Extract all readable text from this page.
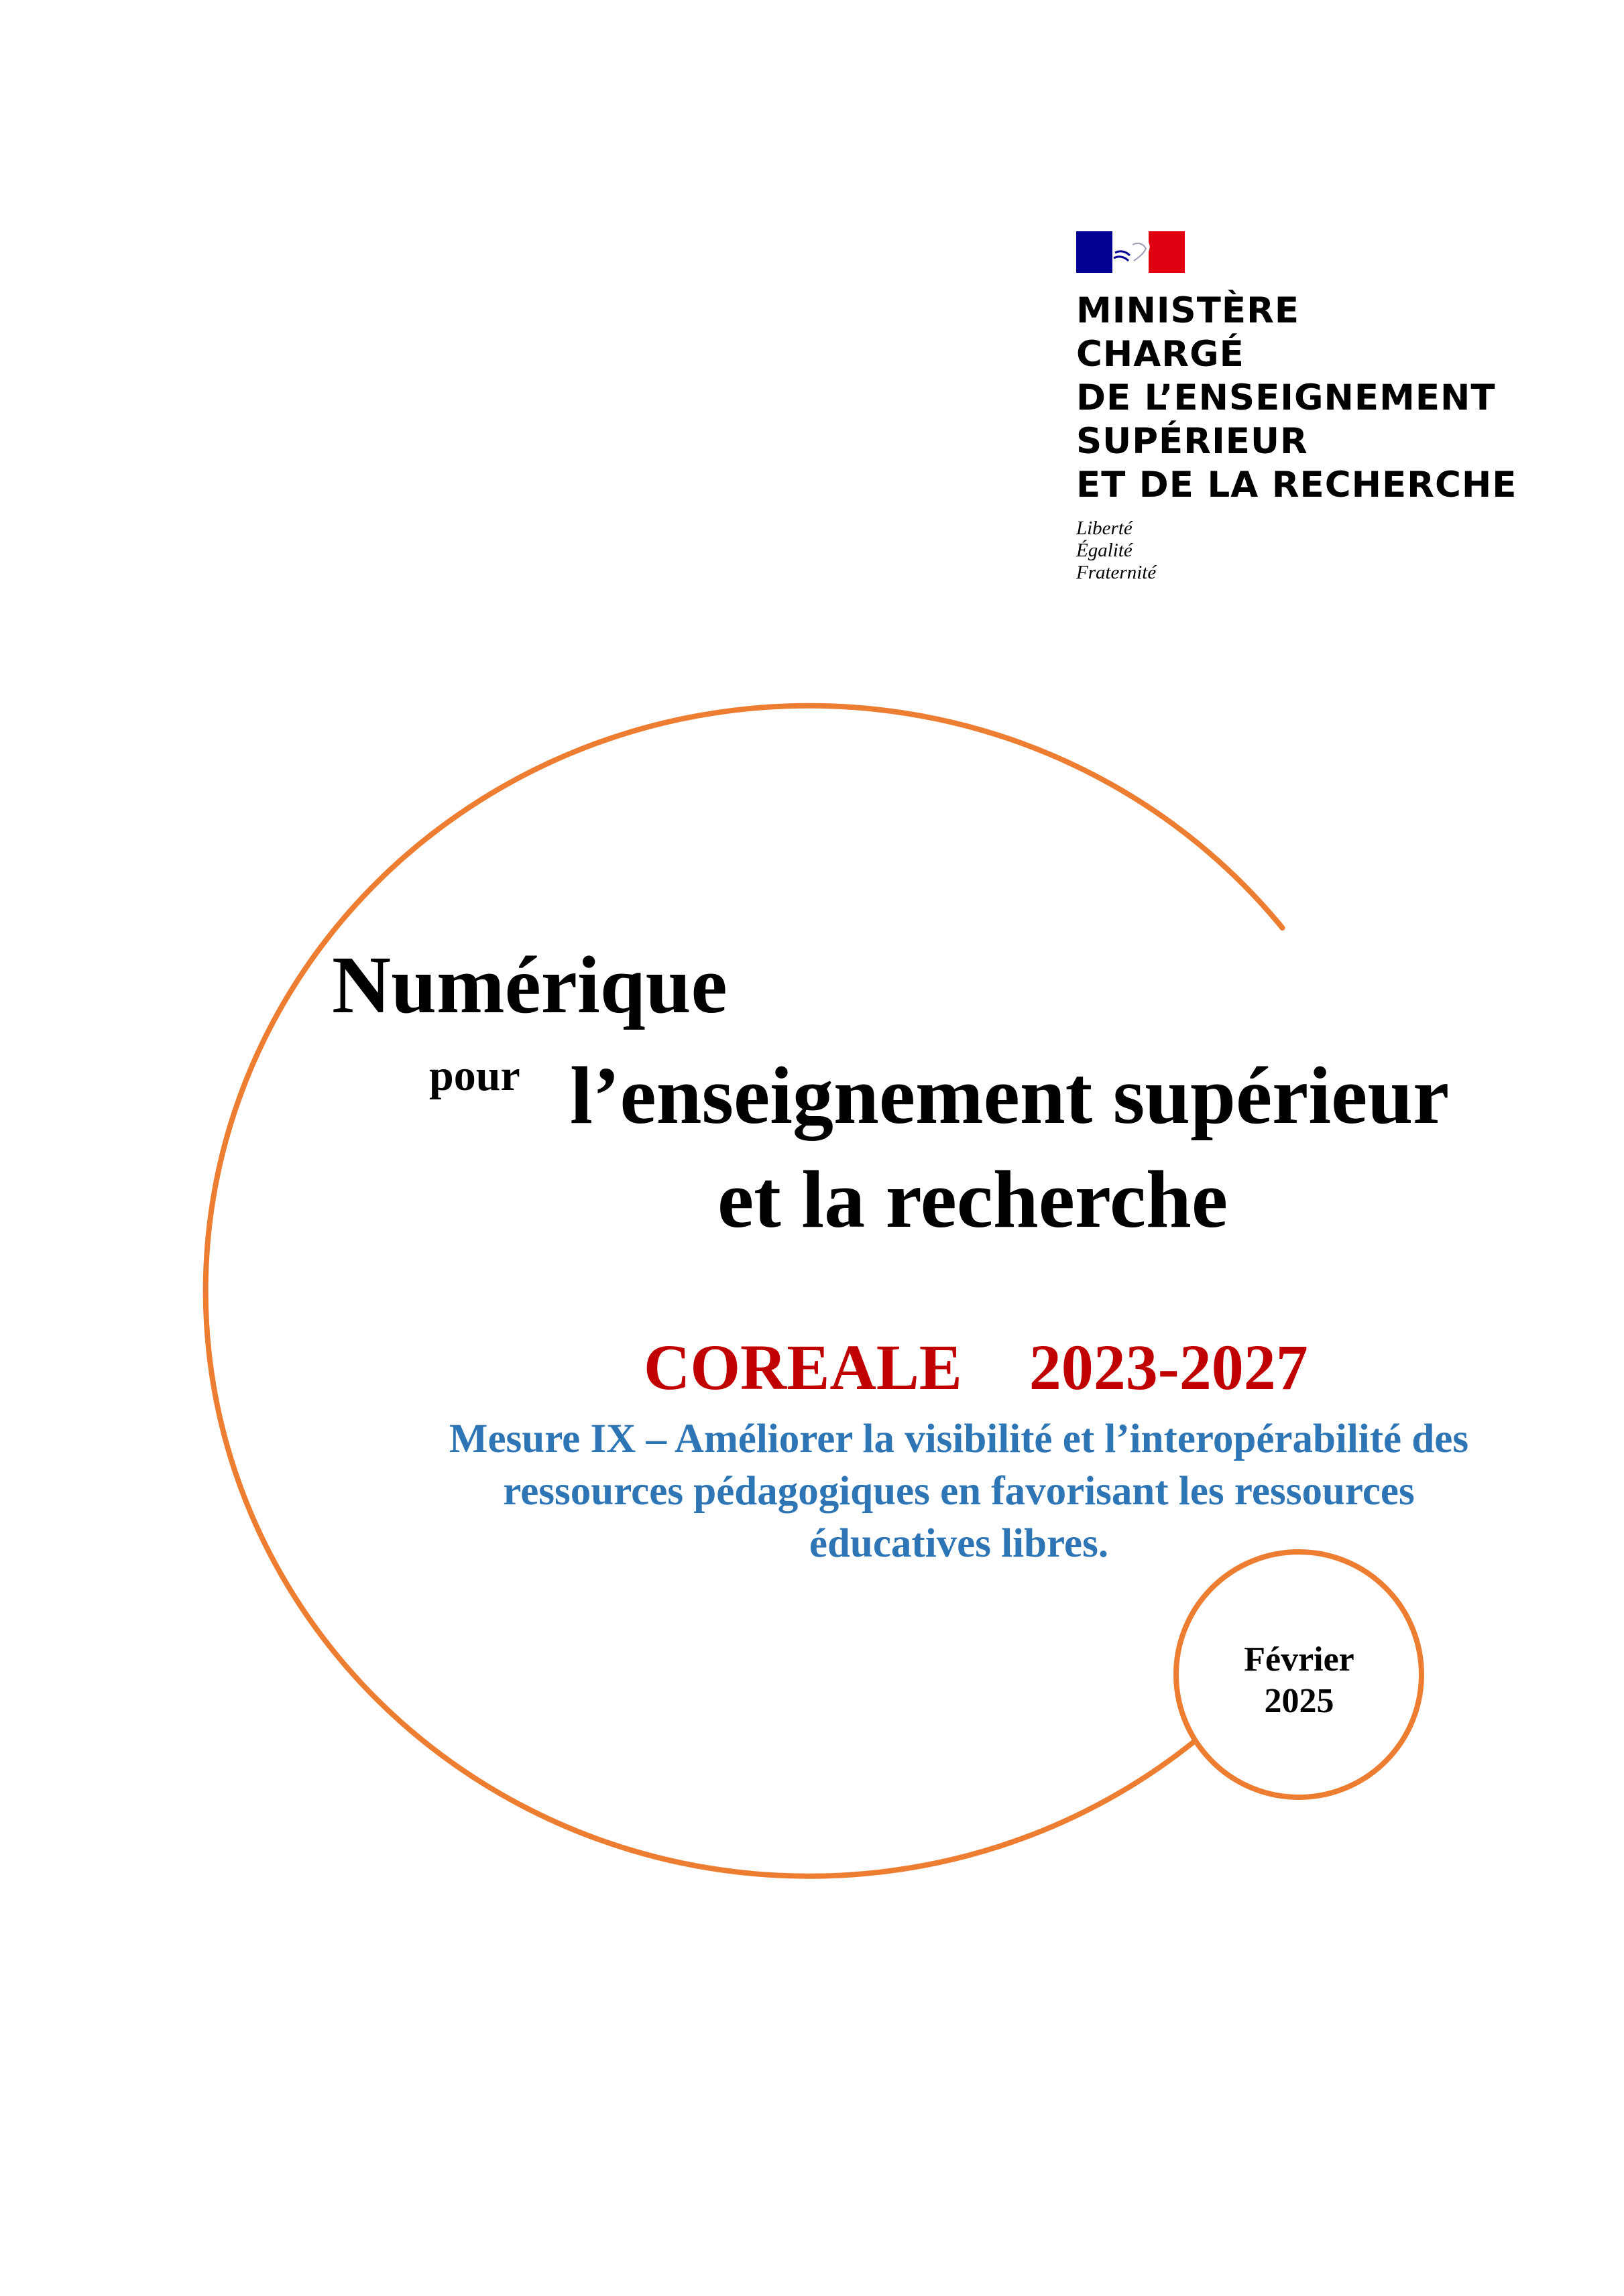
MINISTÈRE
CHARGÉ
DE L’ENSEIGNEMENT
SUPÉRIEUR
ET DE LA RECHERCHE
Liberté
Égalité
Fraternité
Numérique
pour l’enseignement supérieur
et la recherche
COREALE 2023-2027
Mesure IX – Améliorer la visibilité et l’interopérabilité des
ressources pédagogiques en favorisant les ressources
éducatives libres.
Février
2025
